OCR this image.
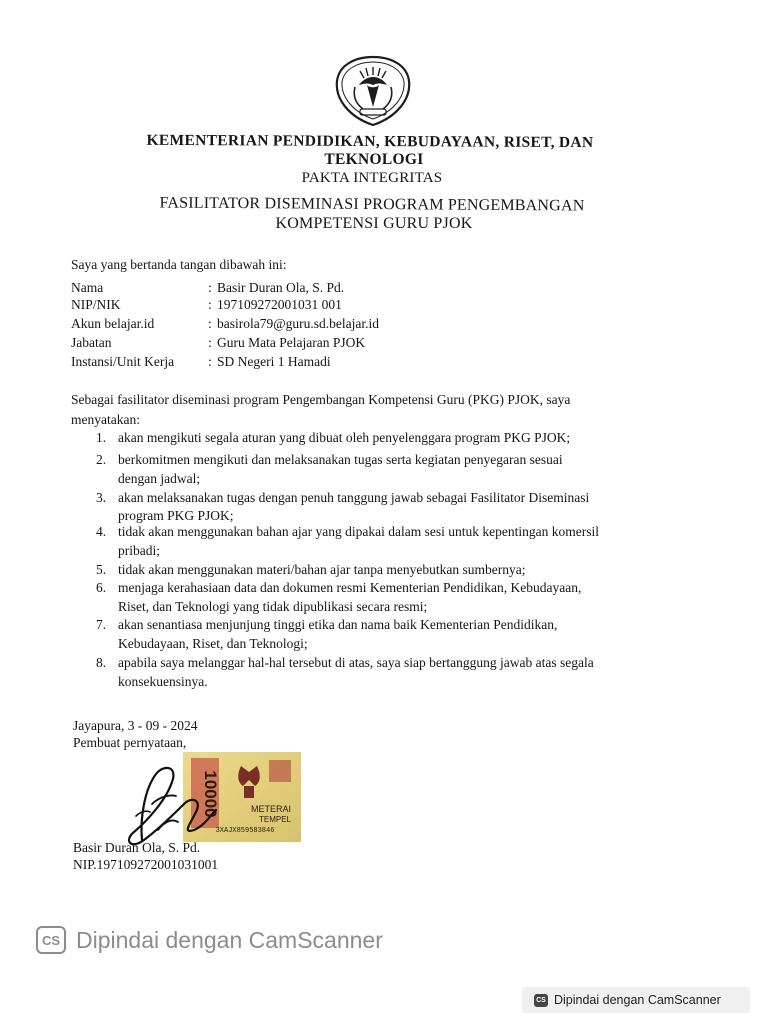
KEMENTERIAN PENDIDIKAN, KEBUDAYAAN, RISET, DAN
TEKNOLOGI
PAKTA INTEGRITAS
FASILITATOR DISEMINASI PROGRAM PENGEMBANGAN
KOMPETENSI GURU PJOK
Saya yang bertanda tangan dibawah ini:
Nama	: Basir Duran Ola, S. Pd.
NIP/NIK	: 197109272001031 001
Akun belajar.id	: basirola79@guru.sd.belajar.id
Jabatan	: Guru Mata Pelajaran PJOK
Instansi/Unit Kerja	: SD Negeri 1 Hamadi
Sebagai fasilitator diseminasi program Pengembangan Kompetensi Guru (PKG) PJOK, saya
menyatakan:
1. akan mengikuti segala aturan yang dibuat oleh penyelenggara program PKG PJOK;
2. berkomitmen mengikuti dan melaksanakan tugas serta kegiatan penyegaran sesuai
dengan jadwal;
3. akan melaksanakan tugas dengan penuh tanggung jawab sebagai Fasilitator Diseminasi
program PKG PJOK;
4. tidak akan menggunakan bahan ajar yang dipakai dalam sesi untuk kepentingan komersil
pribadi;
5. tidak akan menggunakan materi/bahan ajar tanpa menyebutkan sumbernya;
6. menjaga kerahasiaan data dan dokumen resmi Kementerian Pendidikan, Kebudayaan,
Riset, dan Teknologi yang tidak dipublikasi secara resmi;
7. akan senantiasa menjunjung tinggi etika dan nama baik Kementerian Pendidikan,
Kebudayaan, Riset, dan Teknologi;
8. apabila saya melanggar hal-hal tersebut di atas, saya siap bertanggung jawab atas segala
konsekuensinya.
Jayapura, 3 - 09 - 2024
Pembuat pernyataan,
10000	METERAI
TEMPEL
3XAJX859583846
Basir Duran Ola, S. Pd.
NIP.197109272001031001
CS Dipindai dengan CamScanner
CS Dipindai dengan CamScanner
